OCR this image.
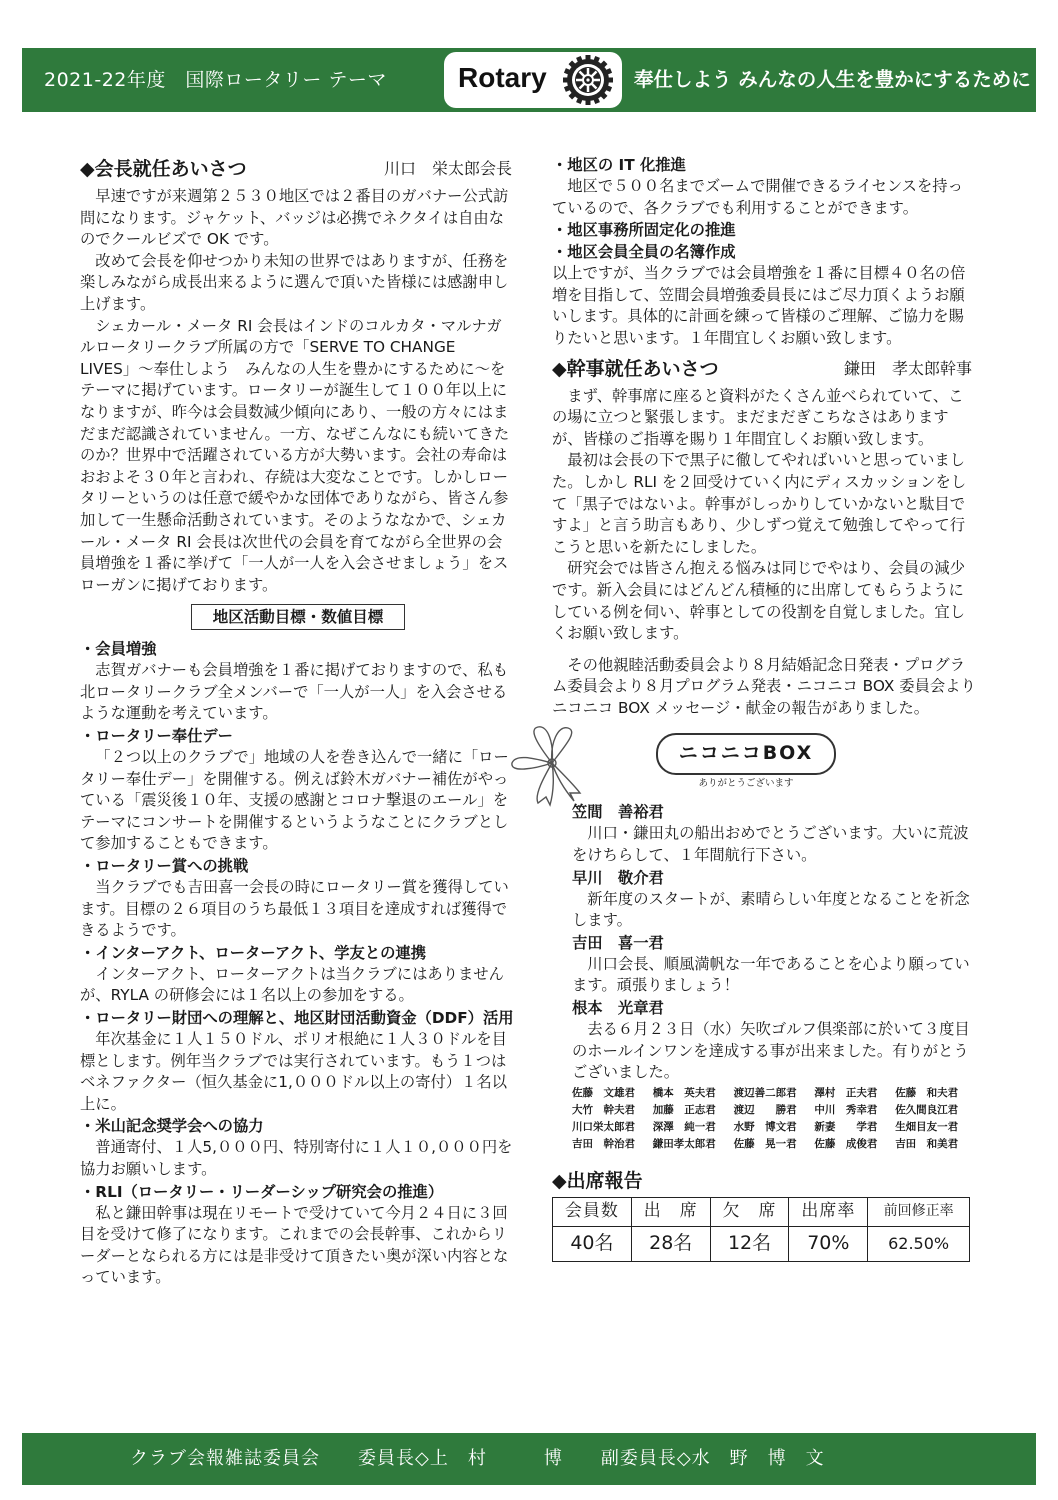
2021-22年度　国際ロータリー テーマ	Rotary	奉仕しよう みんなの人生を豊かにするために
◆会長就任あいさつ	川口　栄太郎会長

早速ですが来週第２５３０地区では２番目のガバナー公式訪問になります。ジャケット、バッジは必携でネクタイは自由なのでクールビズで OK です。

改めて会長を仰せつかり未知の世界ではありますが、任務を楽しみながら成長出来るように選んで頂いた皆様には感謝申し上げます。

シェカール・メータ RI 会長はインドのコルカタ・マルナガルロータリークラブ所属の方で「SERVE TO CHANGE　LIVES」～奉仕しよう　みんなの人生を豊かにするために～をテーマに掲げています。ロータリーが誕生して１００年以上になりますが、昨今は会員数減少傾向にあり、一般の方々にはまだまだ認識されていません。一方、なぜこんなにも続いてきたのか？世界中で活躍されている方が大勢います。会社の寿命はおおよそ３０年と言われ、存続は大変なことです。しかしロータリーというのは任意で緩やかな団体でありながら、皆さん参加して一生懸命活動されています。そのようななかで、シェカール・メータ RI 会長は次世代の会員を育てながら全世界の会員増強を１番に挙げて「一人が一人を入会させましょう」をスローガンに掲げております。

地区活動目標・数値目標
・会員増強

志賀ガバナーも会員増強を１番に掲げておりますので、私も北ロータリークラブ全メンバーで「一人が一人」を入会させるような運動を考えています。

・ロータリー奉仕デー

「２つ以上のクラブで」地域の人を巻き込んで一緒に「ロータリー奉仕デー」を開催する。例えば鈴木ガバナー補佐がやっている「震災後１０年、支援の感謝とコロナ撃退のエール」をテーマにコンサートを開催するというようなことにクラブとして参加することもできます。

・ロータリー賞への挑戦

当クラブでも吉田喜一会長の時にロータリー賞を獲得しています。目標の２６項目のうち最低１３項目を達成すれば獲得できるようです。

・インターアクト、ローターアクト、学友との連携

インターアクト、ローターアクトは当クラブにはありませんが、RYLA の研修会には１名以上の参加をする。

・ロータリー財団への理解と、地区財団活動資金（DDF）活用

年次基金に１人１５０ドル、ポリオ根絶に１人３０ドルを目標とします。例年当クラブでは実行されています。もう１つはベネファクター（恒久基金に1,０００ドル以上の寄付）１名以上に。

・米山記念奨学会への協力

普通寄付、１人5,０００円、特別寄付に１人１０,０００円を協力お願いします。

・RLI（ロータリー・リーダーシップ研究会の推進）

私と鎌田幹事は現在リモートで受けていて今月２４日に３回目を受けて修了になります。これまでの会長幹事、これからリーダーとなられる方には是非受けて頂きたい奥が深い内容となっています。

・地区の IT 化推進

地区で５００名までズームで開催できるライセンスを持っているので、各クラブでも利用することができます。

・地区事務所固定化の推進
・地区会員全員の名簿作成

以上ですが、当クラブでは会員増強を１番に目標４０名の倍増を目指して、笠間会員増強委員長にはご尽力頂くようお願いします。具体的に計画を練って皆様のご理解、ご協力を賜りたいと思います。１年間宜しくお願い致します。

◆幹事就任あいさつ	鎌田　孝太郎幹事

まず、幹事席に座ると資料がたくさん並べられていて、この場に立つと緊張します。まだまだぎこちなさはありますが、皆様のご指導を賜り１年間宜しくお願い致します。

最初は会長の下で黒子に徹してやればいいと思っていました。しかし RLI を２回受けていく内にディスカッションをして「黒子ではないよ。幹事がしっかりしていかないと駄目ですよ」と言う助言もあり、少しずつ覚えて勉強してやって行こうと思いを新たにしました。

研究会では皆さん抱える悩みは同じでやはり、会員の減少です。新入会員にはどんどん積極的に出席してもらうようにしている例を伺い、幹事としての役割を自覚しました。宜しくお願い致します。

その他親睦活動委員会より８月結婚記念日発表・プログラム委員会より８月プログラム発表・ニコニコ BOX 委員会よりニコニコ BOX メッセージ・献金の報告がありました。

ニコニコBOX
ありがとうございます
笠間　善裕君

川口・鎌田丸の船出おめでとうございます。大いに荒波をけちらして、１年間航行下さい。

早川　敬介君

新年度のスタートが、素晴らしい年度となることを祈念します。

吉田　喜一君

川口会長、順風満帆な一年であることを心より願っています。頑張りましょう！

根本　光章君

去る６月２３日（水）矢吹ゴルフ倶楽部に於いて３度目のホールインワンを達成する事が出来ました。有りがとうございました。

佐藤　文雄君	橋本　英夫君	渡辺善二郎君	澤村　正夫君	佐藤　和夫君
大竹　幹夫君	加藤　正志君	渡辺　　勝君	中川　秀幸君	佐久間良江君
川口栄太郎君	深澤　純一君	水野　博文君	新妻　　学君	生畑目友一君
吉田　幹治君	鎌田孝太郎君	佐藤　晃一君	佐藤　成俊君	吉田　和美君
◆出席報告
会員数	出　席	欠　席	出席率	前回修正率
40名	28名	12名	70%	62.50%
クラブ会報雑誌委員会　　委員長◇上　村　　　博　　副委員長◇水　野　博　文
